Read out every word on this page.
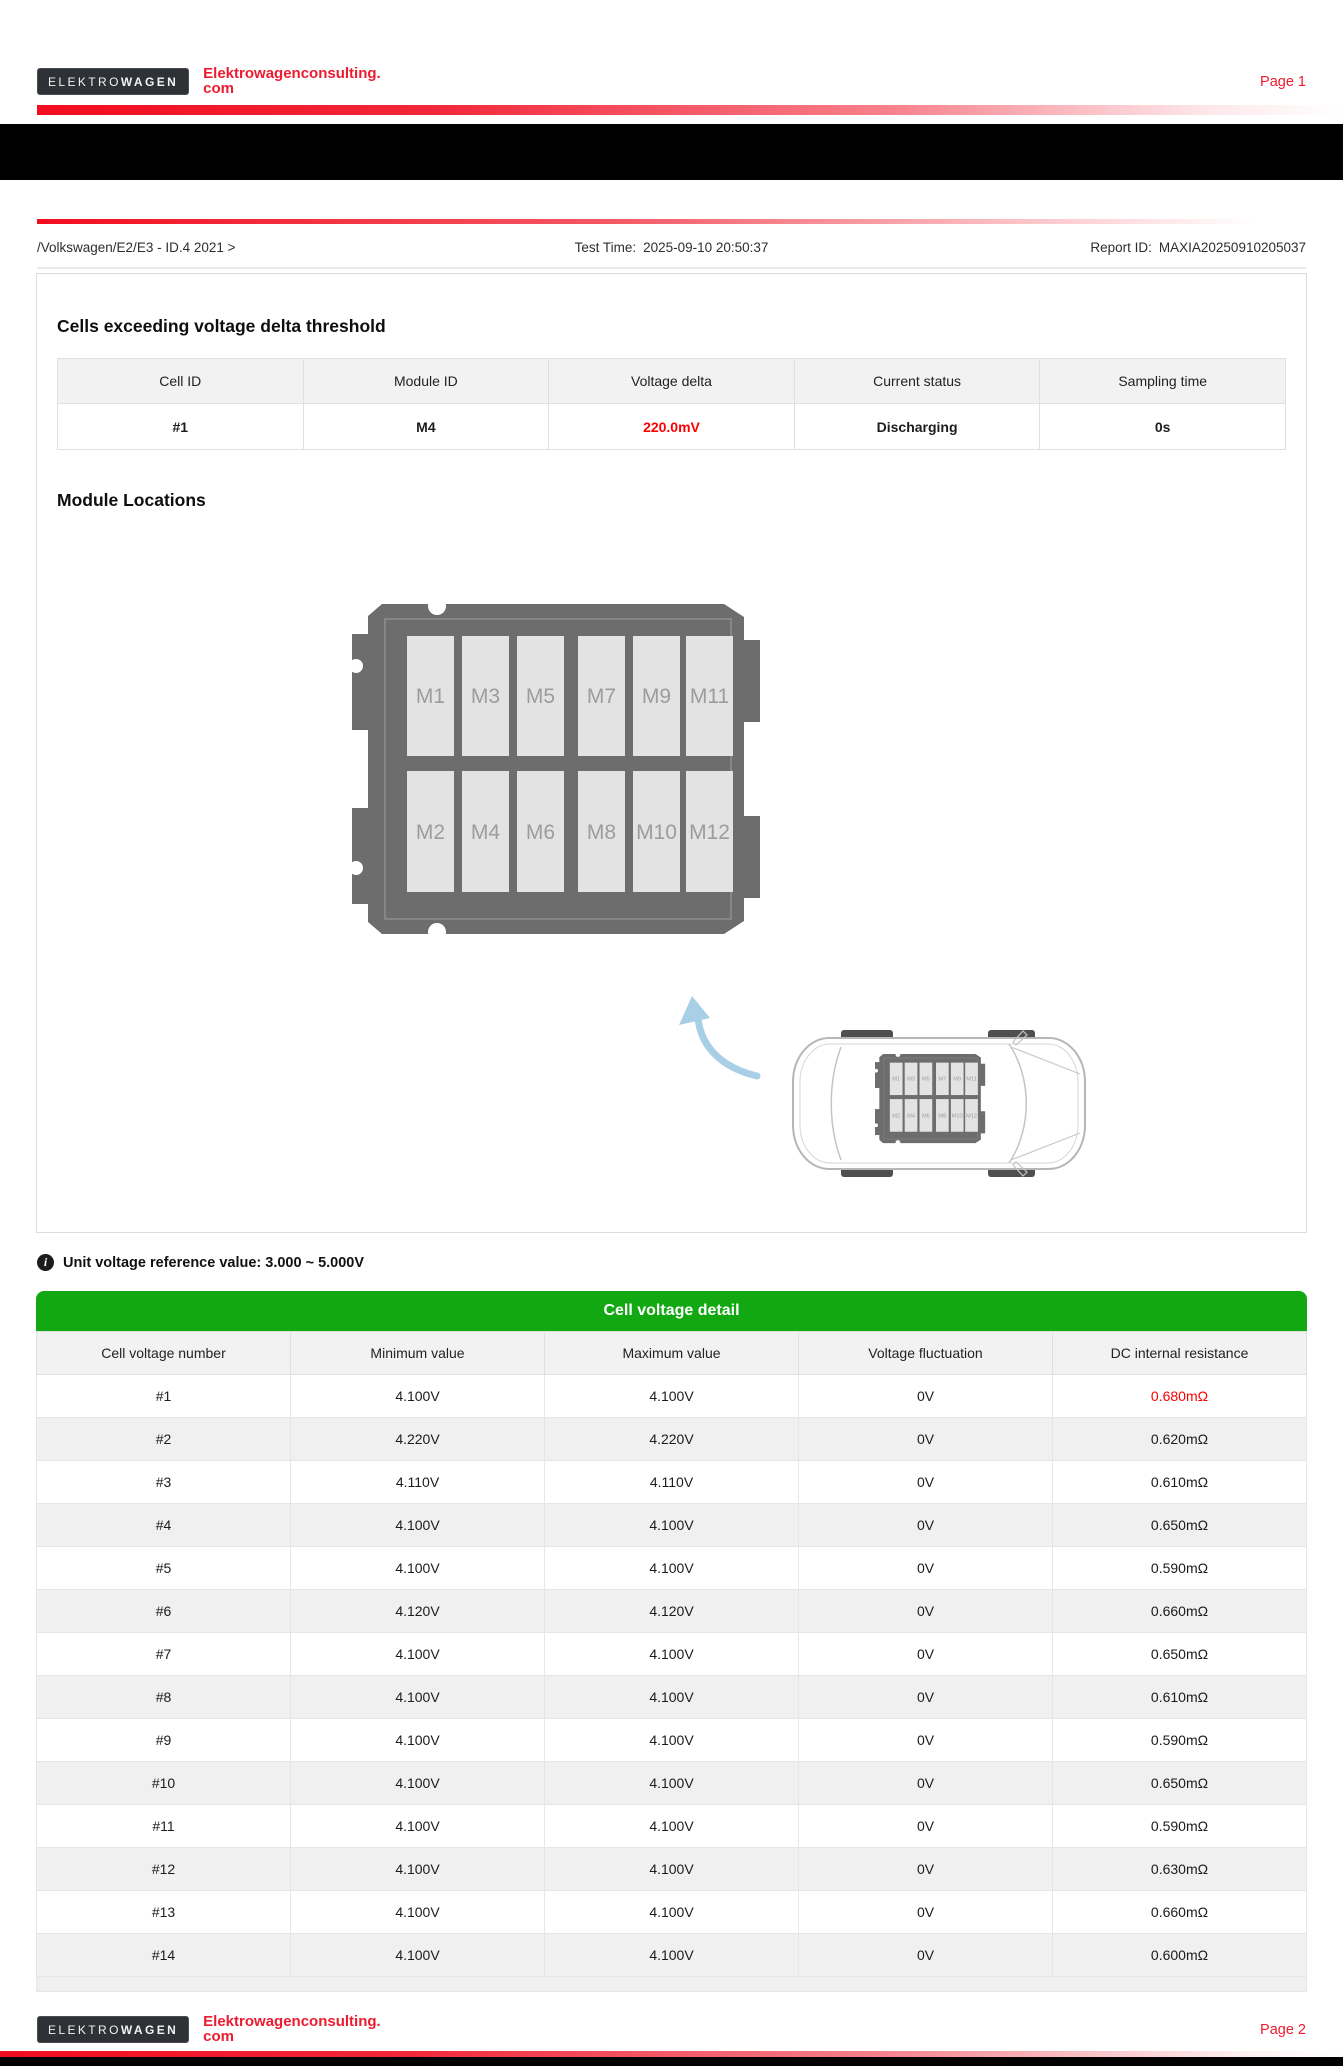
ELEKTROWAGEN	Elektrowagenconsulting.
com	Page 1
/Volkswagen/E2/E3 - ID.4 2021 >	Test Time: 2025-09-10 20:50:37	Report ID: MAXIA20250910205037
Cells exceeding voltage delta threshold
Cell ID	Module ID	Voltage delta	Current status	Sampling time
#1	M4	220.0mV	Discharging	0s
Module Locations
M1 M3 M5 M7 M9 M11
M2 M4 M6 M8 M10 M12
i	Unit voltage reference value: 3.000 ~ 5.000V
Cell voltage detail
Cell voltage number	Minimum value	Maximum value	Voltage fluctuation	DC internal resistance
#1	4.100V	4.100V	0V	0.680mΩ
#2	4.220V	4.220V	0V	0.620mΩ
#3	4.110V	4.110V	0V	0.610mΩ
#4	4.100V	4.100V	0V	0.650mΩ
#5	4.100V	4.100V	0V	0.590mΩ
#6	4.120V	4.120V	0V	0.660mΩ
#7	4.100V	4.100V	0V	0.650mΩ
#8	4.100V	4.100V	0V	0.610mΩ
#9	4.100V	4.100V	0V	0.590mΩ
#10	4.100V	4.100V	0V	0.650mΩ
#11	4.100V	4.100V	0V	0.590mΩ
#12	4.100V	4.100V	0V	0.630mΩ
#13	4.100V	4.100V	0V	0.660mΩ
#14	4.100V	4.100V	0V	0.600mΩ
ELEKTROWAGEN	Elektrowagenconsulting.
com	Page 2
